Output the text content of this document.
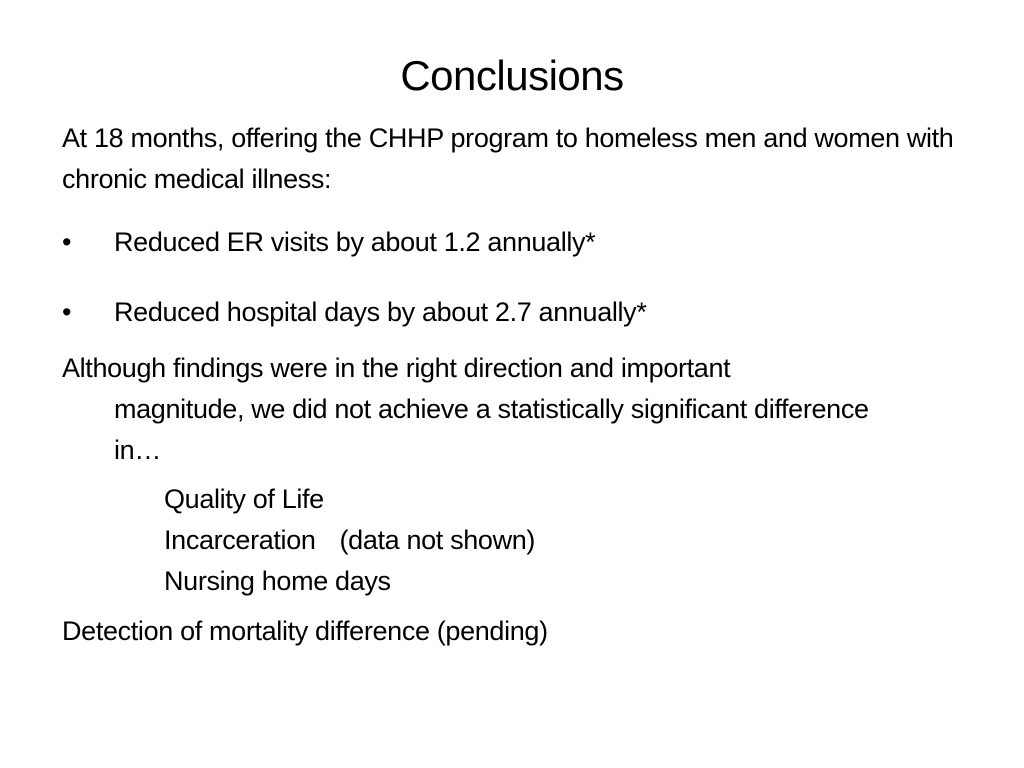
Conclusions
At 18 months, offering the CHHP program to homeless men and women with chronic medical illness:
• Reduced ER visits by about 1.2 annually*
• Reduced hospital days by about 2.7 annually*
Although findings were in the right direction and important
magnitude, we did not achieve a statistically significant difference in…
Quality of Life
Incarceration (data not shown)
Nursing home days
Detection of mortality difference (pending)
